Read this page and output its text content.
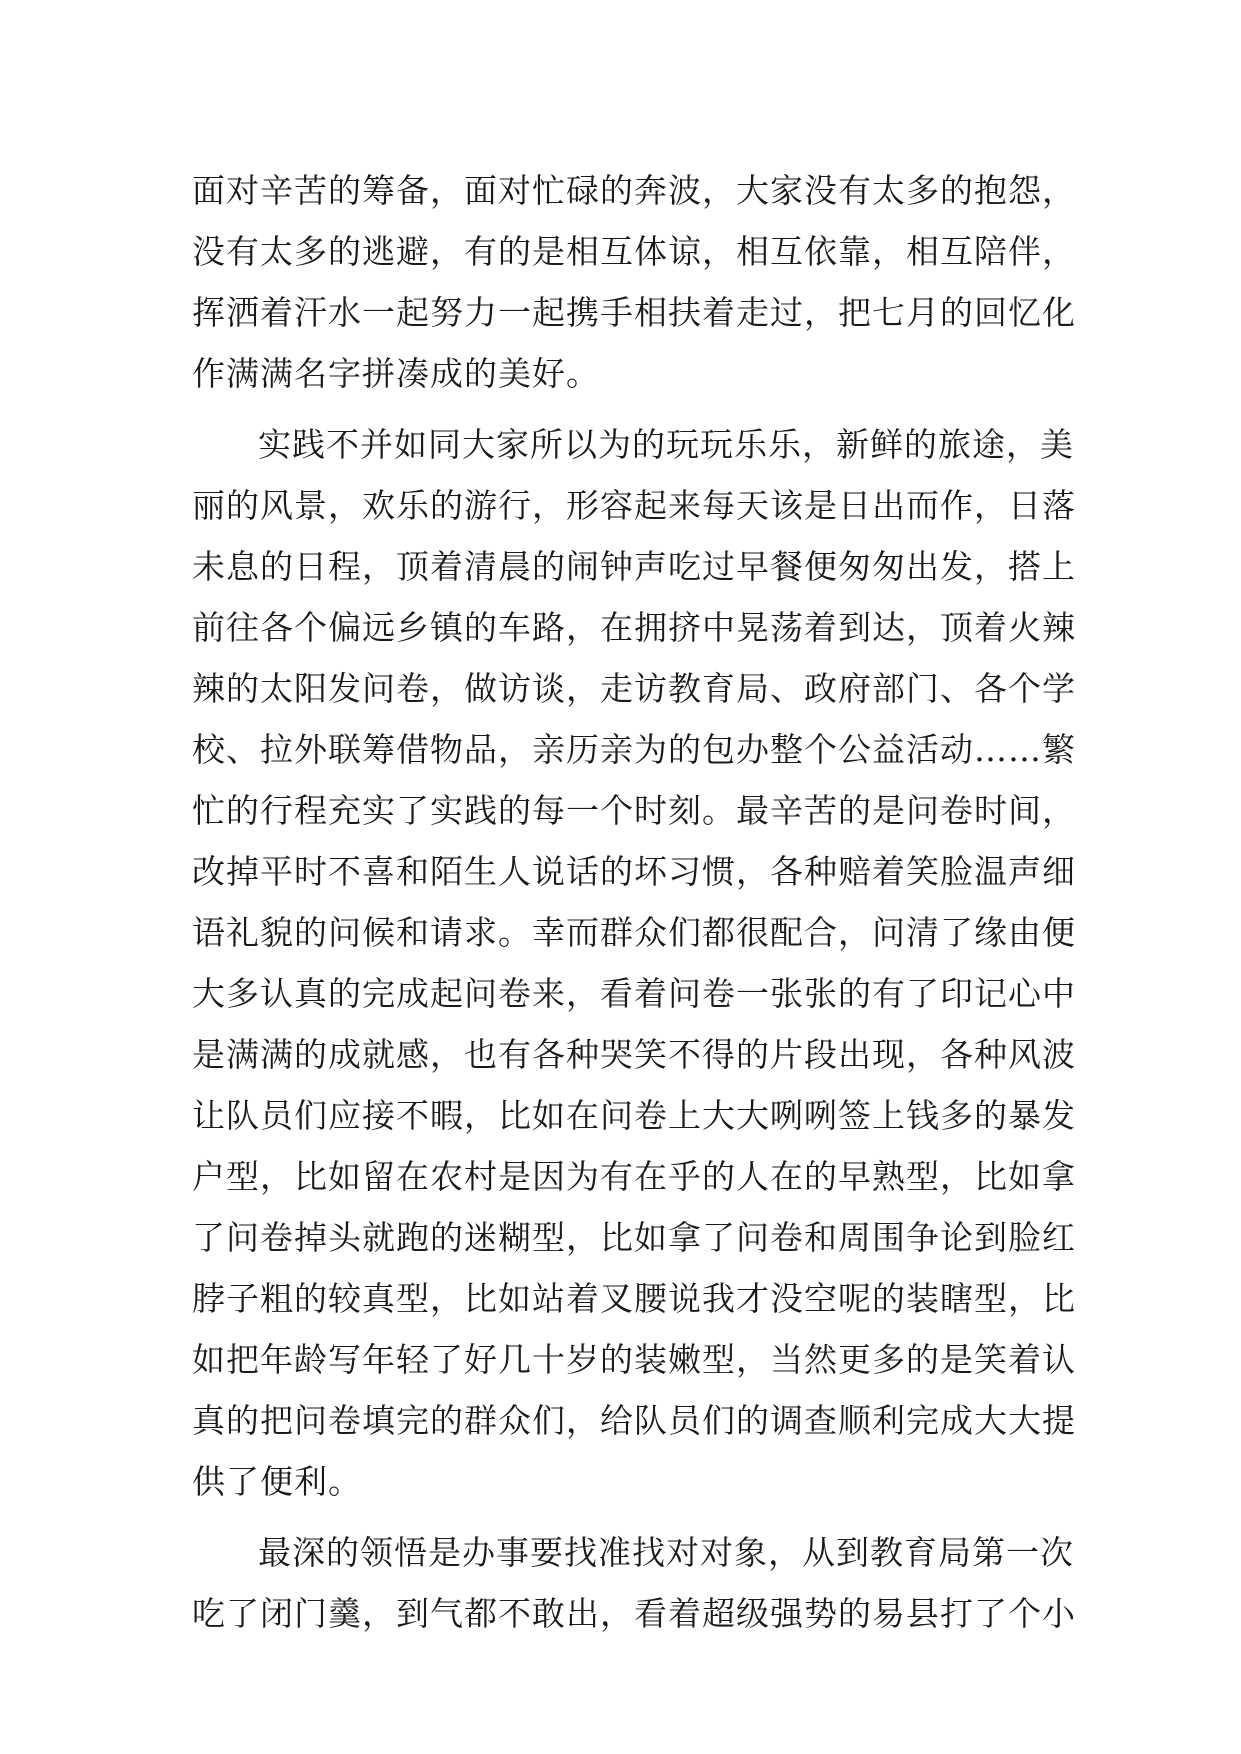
面对辛苦的筹备，面对忙碌的奔波，大家没有太多的抱怨，
没有太多的逃避，有的是相互体谅，相互依靠，相互陪伴，
挥洒着汗水一起努力一起携手相扶着走过，把七月的回忆化
作满满名字拼凑成的美好。
实践不并如同大家所以为的玩玩乐乐，新鲜的旅途，美
丽的风景，欢乐的游行，形容起来每天该是日出而作，日落
未息的日程，顶着清晨的闹钟声吃过早餐便匆匆出发，搭上
前往各个偏远乡镇的车路，在拥挤中晃荡着到达，顶着火辣
辣的太阳发问卷，做访谈，走访教育局、政府部门、各个学
校、拉外联筹借物品，亲历亲为的包办整个公益活动……繁
忙的行程充实了实践的每一个时刻。最辛苦的是问卷时间，
改掉平时不喜和陌生人说话的坏习惯，各种赔着笑脸温声细
语礼貌的问候和请求。幸而群众们都很配合，问清了缘由便
大多认真的完成起问卷来，看着问卷一张张的有了印记心中
是满满的成就感，也有各种哭笑不得的片段出现，各种风波
让队员们应接不暇，比如在问卷上大大咧咧签上钱多的暴发
户型，比如留在农村是因为有在乎的人在的早熟型，比如拿
了问卷掉头就跑的迷糊型，比如拿了问卷和周围争论到脸红
脖子粗的较真型，比如站着叉腰说我才没空呢的装瞎型，比
如把年龄写年轻了好几十岁的装嫩型，当然更多的是笑着认
真的把问卷填完的群众们，给队员们的调查顺利完成大大提
供了便利。
最深的领悟是办事要找准找对对象，从到教育局第一次
吃了闭门羹，到气都不敢出，看着超级强势的易县打了个小
